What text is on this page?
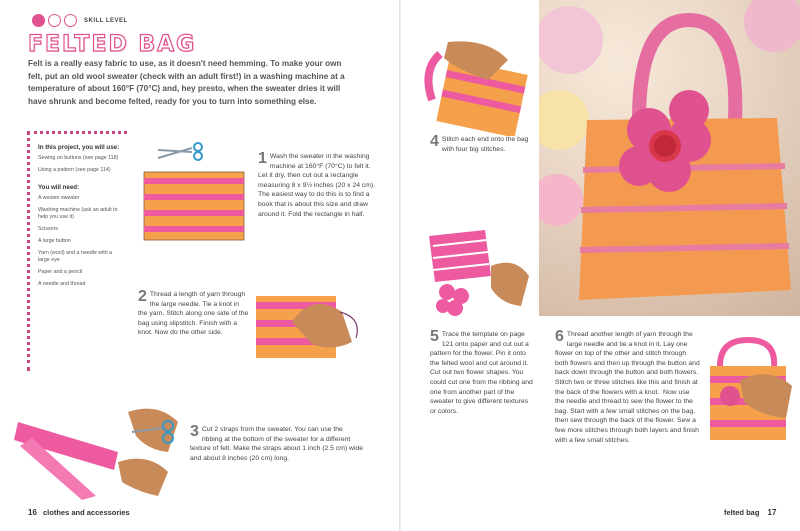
SKILL LEVEL
FELTED BAG
Felt is a really easy fabric to use, as it doesn't need hemming. To make your own felt, put an old wool sweater (check with an adult first!) in a washing machine at a temperature of about 160°F (70°C) and, hey presto, when the sweater dries it will have shrunk and become felted, ready for you to turn into something else.
In this project, you will use:

Sewing on buttons (see page 118)

Using a pattern (see page 114)

You will need:

A woolen sweater

Washing machine (ask an adult to help you use it)

Scissors

A large button

Yarn (wool) and a needle with a large eye

Paper and a pencil

A needle and thread

1 Wash the sweater in the washing machine at 160°F (70°C) to felt it. Let it dry, then cut out a rectangle measuring 8 x 9½ inches (20 x 24 cm). The easiest way to do this is to find a book that is about this size and draw around it. Fold the rectangle in half.
2 Thread a length of yarn through the large needle. Tie a knot in the yarn. Stitch along one side of the bag using slipstitch. Finish with a knot. Now do the other side.
3 Cut 2 straps from the sweater. You can use the ribbing at the bottom of the sweater for a different texture of felt. Make the straps about 1 inch (2.5 cm) wide and about 8 inches (20 cm) long.
16 clothes and accessories
4 Stitch each end onto the bag with four big stitches.
5 Trace the template on page 121 onto paper and cut out a pattern for the flower. Pin it onto the felted wool and cut around it. Cut out two flower shapes. You could cut one from the ribbing and one from another part of the sweater to give different textures or colors.
6 Thread another length of yarn through the large needle and tie a knot in it. Lay one flower on top of the other and stitch through both flowers and then up through the button and back down through the button and both flowers. Stitch two or three stitches like this and finish at the back of the flowers with a knot.  Now use the needle and thread to sew the flower to the bag. Start with a few small stitches on the bag, then sew through the back of the flower. Sew a few more stitches through both layers and finish with a few small stitches.
felted bag 17
